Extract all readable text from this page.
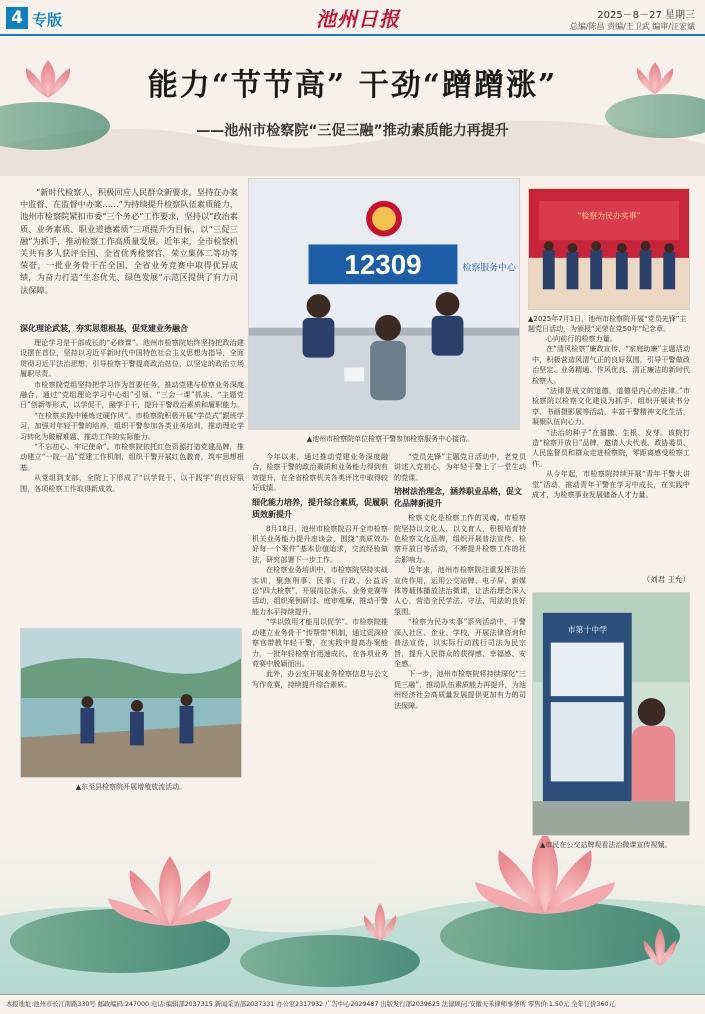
4 专版	池州日报	2025－8－27 星期三
总编/陈昌 责编/王卫武 编审/汪宏斌
能力“节节高” 干劲“蹭蹭涨”
——池州市检察院“三促三融”推动素质能力再提升

“新时代检察人，积极回应人民群众新要求，坚持在办案中监督、在监督中办案……”为持续提升检察队伍素质能力，池州市检察院紧扣市委“三个务必”工作要求，坚持以“政治素质、业务素质、职业道德素质”三项提升为目标，以“三促三融”为抓手，推动检察工作高质量发展。近年来，全市检察机关共有多人获评全国、全省优秀检察官，荣立集体二等功等荣誉，一批业务骨干在全国、全省业务竞赛中取得优异成绩，为奋力打造“生态优先、绿色发展”示范区提供了有力司法保障。

12309	检察服务中心
▲池州市检察院单位检察干警参加检察服务中心接待。
“检察为民办实事”
▲2025年7月1日，池州市检察院开展“党员先锋”主题党日活动，为颁授“光荣在党50年”纪念章。
深化理论武装，夯实思想根基，促党建业务融合

理论学习是干部成长的“必修课”。池州市检察院始终坚持把政治建设摆在首位，坚持以习近平新时代中国特色社会主义思想为指导，全面贯彻习近平法治思想，引导检察干警提高政治站位，以坚定的政治立场履职尽责。

市检察院党组坚持把学习作为首要任务，推动党建与检察业务深度融合，通过“党组理论学习中心组”引领、“三会一课”抓实、“主题党日”创新等形式，以学促干，融学于干，提升干警政治素质和履职能力。

“在检察实践中锤炼过硬作风”。市检察院积极开展“学员式”跟班学习，加强对年轻干警的培养，组织干警参加各类业务培训，推动理论学习转化为破解难题、推动工作的实际能力。

“不忘初心、牢记使命”。市检察院依托红色资源打造党建品牌，推动建立“一院一品”党建工作机制，组织干警开展红色教育，筑牢思想根基。

从党组到支部，全院上下形成了“以学促干、以干践学”的良好氛围，各项检察工作取得新成效。

▲东至县检察院开展增殖放流活动。

今年以来，通过推动党建业务深度融合，检察干警的政治素质和业务能力得到有效提升，在全省检察机关各类评比中取得较好成绩。

细化能力培养，提升综合素质，促履职质效新提升

8月18日，池州市检察院召开全市检察机关业务能力提升座谈会，围绕“高质效办好每一个案件”基本价值追求，交流经验做法，研究部署下一步工作。

在检察业务培训中，市检察院坚持实战实训，聚焦刑事、民事、行政、公益诉讼“四大检察”，开展岗位练兵、业务竞赛等活动，组织案例研讨、庭审观摩，推动干警能力水平持续提升。

“学以致用才能用以促学”。市检察院推动建立业务骨干“传帮带”机制，通过资深检察官带教年轻干警，在实践中提高办案能力，一批年轻检察官迅速成长，在各项业务竞赛中脱颖而出。

此外，办公室开展业务检察信息与公文写作竞赛，持续提升综合素质。

“党员先锋”主题党日活动中，老党员讲述入党初心，为年轻干警上了一堂生动的党课。

培树法治理念，涵养职业品格，促文化品牌新提升

检察文化是检察工作的灵魂。市检察院坚持以文化人、以文育人，积极培育特色检察文化品牌，组织开展普法宣传、检察开放日等活动，不断提升检察工作的社会影响力。

近年来，池州市检察院注重发挥法治宣传作用，运用公交站牌、电子屏、新媒体等载体播放法治微课，让法治理念深入人心，营造全民学法、守法、用法的良好氛围。

“检察为民办实事”系列活动中，干警深入社区、企业、学校，开展法律咨询和普法宣传，以实际行动践行司法为民宗旨，提升人民群众的获得感、幸福感、安全感。

下一步，池州市检察院将持续深化“三促三融”，推动队伍素质能力再提升，为池州经济社会高质量发展提供更加有力的司法保障。

心向前行的检察力量。

在“清风检察”廉政宣传、“家庭助廉”主题活动中，积极营造风清气正的良好氛围，引导干警做政治坚定、业务精通、作风优良、清正廉洁的新时代检察人。

“法律是成文的道德，道德是内心的法律。”市检察院以检察文化建设为抓手，组织开展读书分享、书画摄影展等活动，丰富干警精神文化生活，凝聚队伍向心力。

“法治的种子”在播撒、生根、发芽。该院打造“检察开放日”品牌，邀请人大代表、政协委员、人民监督员和群众走进检察院，零距离感受检察工作。

从今年起，市检察院持续开展“青年干警大讲堂”活动，推动青年干警在学习中成长，在实践中成才，为检察事业发展储备人才力量。

（刘君 王允）
市第十中学
▲市民在公交站牌观看法治微课宣传视频。
本报地址:池州市长江南路330号 邮政编码:247000 电话:编辑部2037315 新闻采访部2037331 办公室2317932 广告中心2029487 出版发行部2039625 法律顾问:安徽天禾律师事务所 零售价:1.50元 全年订价360元
